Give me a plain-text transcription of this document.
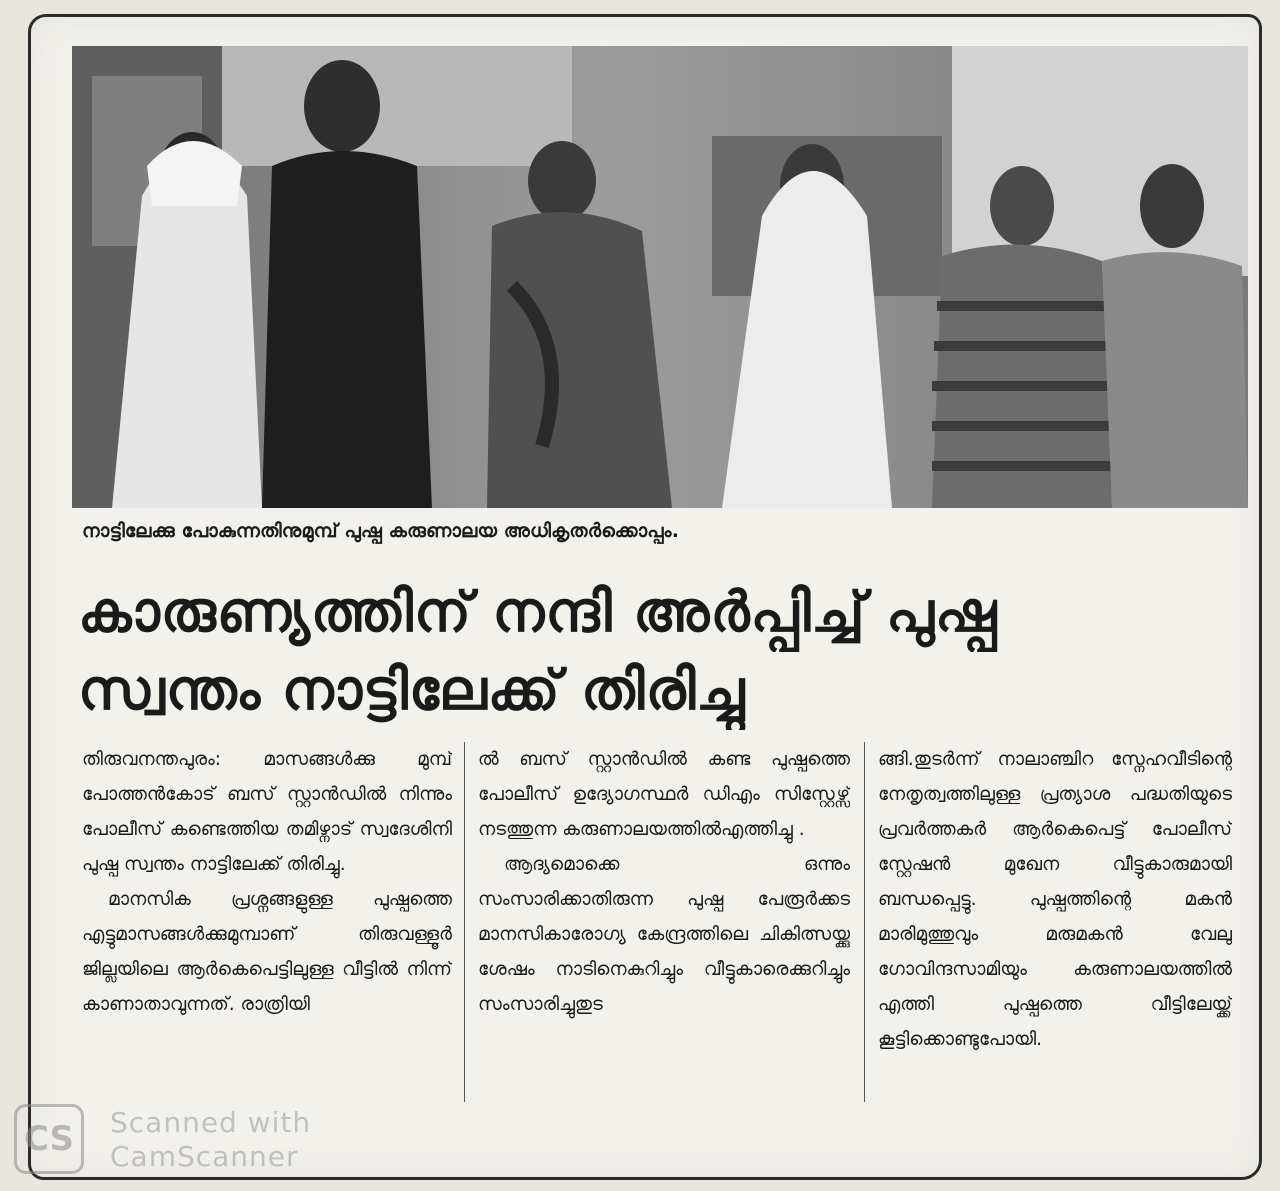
നാട്ടിലേക്കു പോകുന്നതിനുമുമ്പ് പുഷ്പ കരുണാലയ അധികൃതർക്കൊപ്പം.
കാരുണ്യത്തിന് നന്ദി അർപ്പിച്ച് പുഷ്പ
സ്വന്തം നാട്ടിലേക്ക് തിരിച്ചു

തിരുവനന്തപുരം: മാസങ്ങൾക്കു മുമ്പ് പോത്തൻകോട് ബസ് സ്റ്റാൻഡിൽ നിന്നും പോലീസ് കണ്ടെത്തിയ തമിഴ്നാട് സ്വദേശിനി പുഷ്പ സ്വന്തം നാട്ടിലേക്ക് തിരിച്ചു.

മാനസിക പ്രശ്നങ്ങളുള്ള പുഷ്പത്തെ എട്ടുമാസങ്ങൾക്കുമുമ്പാണ് തിരുവള്ളൂർ ജില്ലയിലെ ആർകെപെട്ടിലുള്ള വീട്ടിൽ നിന്ന് കാണാതാവുന്നത്. രാത്രിയി

ൽ ബസ് സ്റ്റാൻഡിൽ കണ്ട പുഷ്പത്തെ പോലീസ് ഉദ്യോഗസ്ഥർ ഡിഎം സിസ്റ്റേഴ്സ് നടത്തുന്ന കരുണാലയത്തിൽഎത്തിച്ചു .

ആദ്യമൊക്കെ ഒന്നും സംസാരിക്കാതിരുന്ന പുഷ്പ പേരൂർക്കട മാനസികാരോഗ്യ കേന്ദ്രത്തിലെ ചികിത്സയ്ക്കു ശേഷം നാടിനെകുറിച്ചും വീട്ടുകാരെക്കുറിച്ചും സംസാരിച്ചുതുട

ങ്ങി.തുടർന്ന് നാലാഞ്ചിറ സ്നേഹവീടിന്റെ നേതൃത്വത്തിലുള്ള പ്രത്യാശ പദ്ധതിയുടെ പ്രവർത്തകർ ആർകെപെട്ട് പോലീസ് സ്റ്റേഷൻ മുഖേന വീട്ടുകാരുമായി ബന്ധപ്പെട്ടു. പുഷ്പത്തിന്റെ മകൻ മാരിമുത്തുവും മരുമകൻ വേലു ഗോവിന്ദസാമിയും കരുണാലയത്തിൽ എത്തി പുഷ്പത്തെ വീട്ടിലേയ്ക്ക് കൂട്ടിക്കൊണ്ടുപോയി.

CS	Scanned with
CamScanner
